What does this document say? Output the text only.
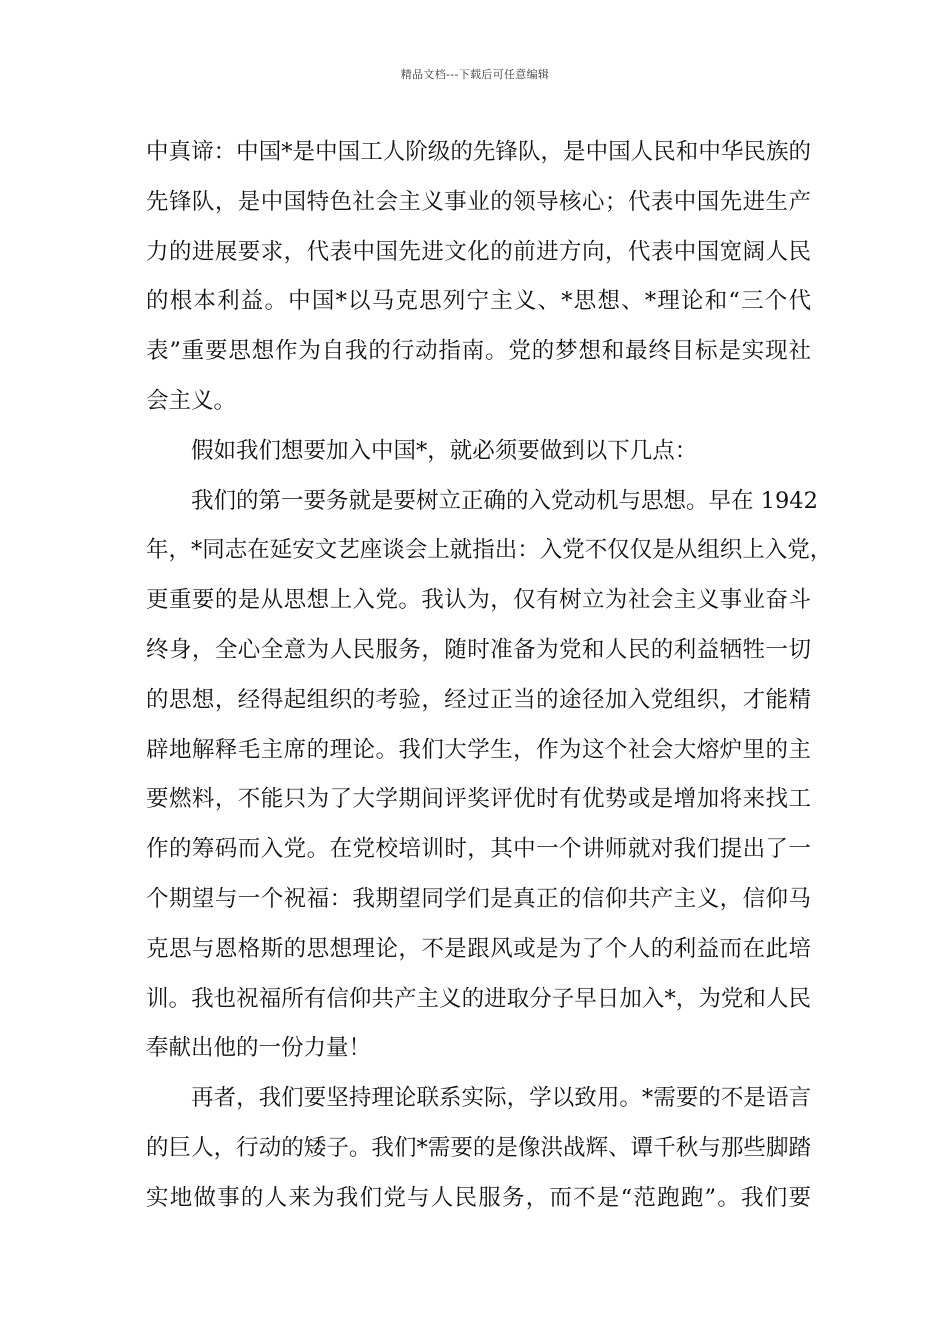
精品文档---下载后可任意编辑
中真谛：中国*是中国工人阶级的先锋队，是中国人民和中华民族的
先锋队，是中国特色社会主义事业的领导核心；代表中国先进生产
力的进展要求，代表中国先进文化的前进方向，代表中国宽阔人民
的根本利益。中国*以马克思列宁主义、*思想、*理论和“三个代
表”重要思想作为自我的行动指南。党的梦想和最终目标是实现社
会主义。
假如我们想要加入中国*，就必须要做到以下几点：
我们的第一要务就是要树立正确的入党动机与思想。早在 1942
年，*同志在延安文艺座谈会上就指出：入党不仅仅是从组织上入党，
更重要的是从思想上入党。我认为，仅有树立为社会主义事业奋斗
终身，全心全意为人民服务，随时准备为党和人民的利益牺牲一切
的思想，经得起组织的考验，经过正当的途径加入党组织，才能精
辟地解释毛主席的理论。我们大学生，作为这个社会大熔炉里的主
要燃料，不能只为了大学期间评奖评优时有优势或是增加将来找工
作的筹码而入党。在党校培训时，其中一个讲师就对我们提出了一
个期望与一个祝福：我期望同学们是真正的信仰共产主义，信仰马
克思与恩格斯的思想理论，不是跟风或是为了个人的利益而在此培
训。我也祝福所有信仰共产主义的进取分子早日加入*，为党和人民
奉献出他的一份力量！
再者，我们要坚持理论联系实际，学以致用。*需要的不是语言
的巨人，行动的矮子。我们*需要的是像洪战辉、谭千秋与那些脚踏
实地做事的人来为我们党与人民服务，而不是“范跑跑”。我们要
